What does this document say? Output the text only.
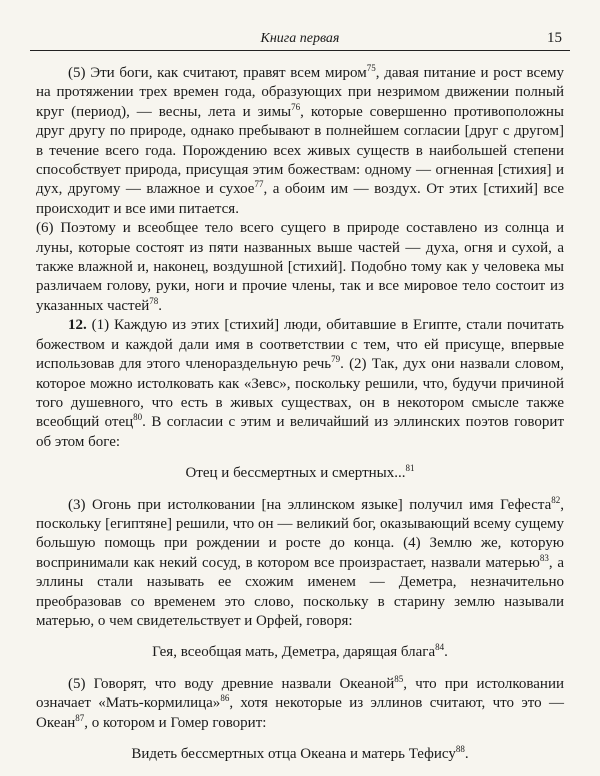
Книга первая	15

(5) Эти боги, как считают, правят всем миром$^{75}$, давая питание и рост всему на протяжении трех времен года, образующих при незримом движении полный круг (период), — весны, лета и зимы$^{76}$, которые совершенно противоположны друг другу по природе, однако пребывают в полнейшем согласии [друг с другом] в течение всего года. Порождению всех живых существ в наибольшей степени способствует природа, присущая этим божествам: одному — огненная [стихия] и дух, другому — влажное и сухое$^{77}$, а обоим им — воздух. От этих [стихий] все происходит и все ими питается.

(6) Поэтому и всеобщее тело всего сущего в природе составлено из солнца и луны, которые состоят из пяти названных выше частей — духа, огня и сухой, а также влажной и, наконец, воздушной [стихий]. Подобно тому как у человека мы различаем голову, руки, ноги и прочие члены, так и все мировое тело состоит из указанных частей$^{78}$.

12. (1) Каждую из этих [стихий] люди, обитавшие в Египте, стали почитать божеством и каждой дали имя в соответствии с тем, что ей присуще, впервые использовав для этого членораздельную речь$^{79}$. (2) Так, дух они назвали словом, которое можно истолковать как «Зевс», поскольку решили, что, будучи причиной того душевного, что есть в живых существах, он в некотором смысле также всеобщий отец$^{80}$. В согласии с этим и величайший из эллинских поэтов говорит об этом боге:

Отец и бессмертных и смертных...$^{81}$

(3) Огонь при истолковании [на эллинском языке] получил имя Гефеста$^{82}$, поскольку [египтяне] решили, что он — великий бог, оказывающий всему сущему большую помощь при рождении и росте до конца. (4) Землю же, которую воспринимали как некий сосуд, в котором все произрастает, назвали матерью$^{83}$, а эллины стали называть ее схожим именем — Деметра, незначительно преобразовав со временем это слово, поскольку в старину землю называли матерью, о чем свидетельствует и Орфей, говоря:

Гея, всеобщая мать, Деметра, дарящая блага$^{84}$.

(5) Говорят, что воду древние назвали Океаной$^{85}$, что при истолковании означает «Мать-кормилица»$^{86}$, хотя некоторые из эллинов считают, что это — Океан$^{87}$, о котором и Гомер говорит:

Видеть бессмертных отца Океана и матерь Тефису$^{88}$.
